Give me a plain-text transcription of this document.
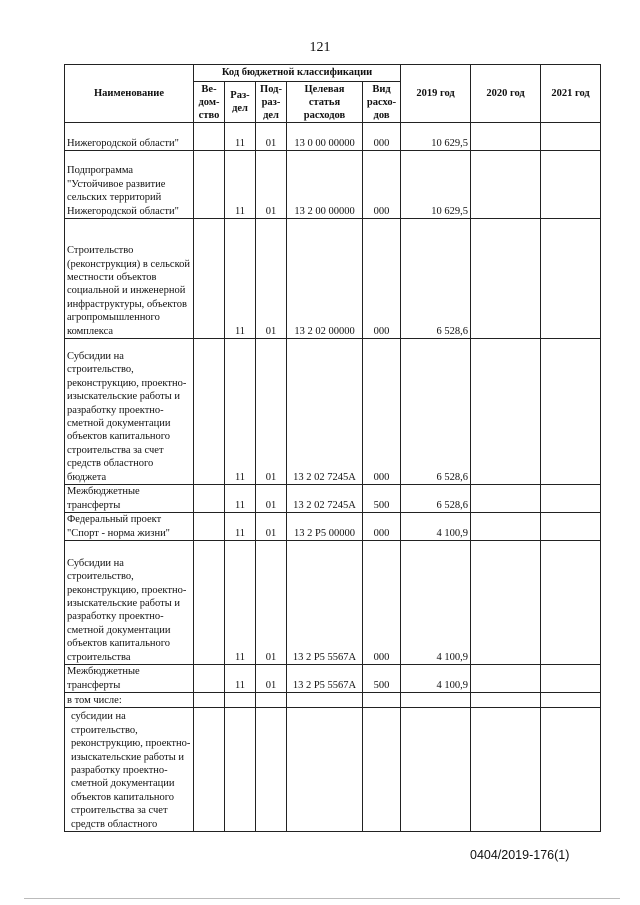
121
Наименование	Код бюджетной классификации					2019 год	2020 год	2021 год
	Ве-дом-ство	Раз-дел	Под-раз-дел	Целевая статья расходов	Вид расхо-дов			
Нижегородской области"		11	01	13 0 00 00000	000	10 629,5		
Подпрограмма "Устойчивое развитие сельских территорий Нижегородской области"		11	01	13 2 00 00000	000	10 629,5		
Строительство (реконструкция) в сельской местности объектов социальной и инженерной инфраструктуры, объектов агропромышленного комплекса		11	01	13 2 02 00000	000	6 528,6		
Субсидии на строительство, реконструкцию, проектно-изыскательские работы и разработку проектно-сметной документации объектов капитального строительства за счет средств областного бюджета		11	01	13 2 02 7245A	000	6 528,6		
Межбюджетные трансферты		11	01	13 2 02 7245A	500	6 528,6		
Федеральный проект "Спорт - норма жизни"		11	01	13 2 P5 00000	000	4 100,9		
Субсидии на строительство, реконструкцию, проектно-изыскательские работы и разработку проектно-сметной документации объектов капитального строительства		11	01	13 2 P5 5567A	000	4 100,9		
Межбюджетные трансферты		11	01	13 2 P5 5567A	500	4 100,9		
в том числе:								
субсидии на строительство, реконструкцию, проектно-изыскательские работы и разработку проектно-сметной документации объектов капитального строительства за счет средств областного								
0404/2019-176(1)
